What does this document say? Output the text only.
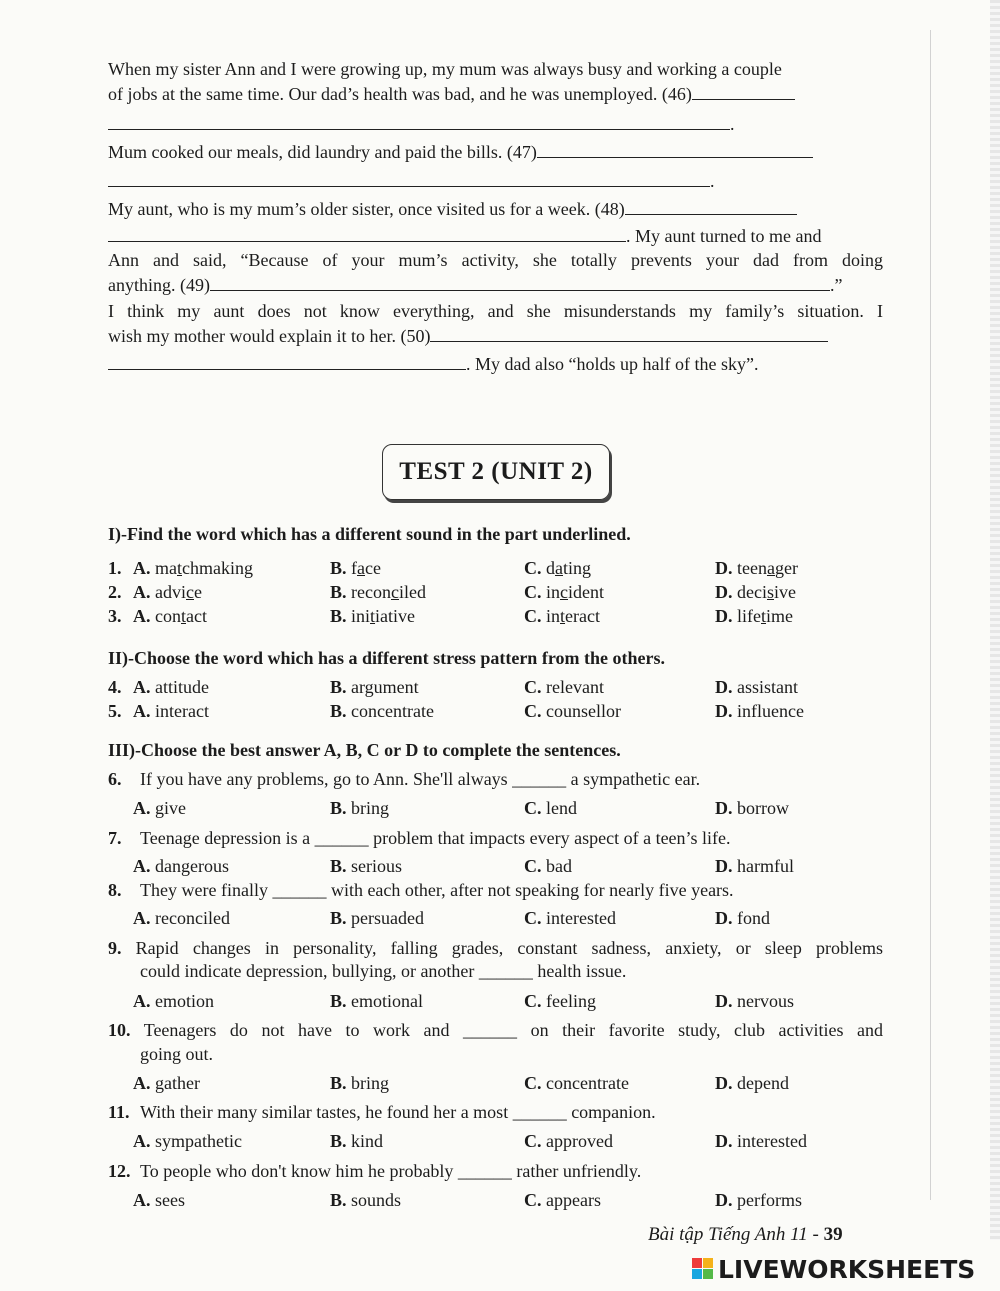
When my sister Ann and I were growing up, my mum was always busy and working a couple
of jobs at the same time. Our dad’s health was bad, and he was unemployed. (46)
.
Mum cooked our meals, did laundry and paid the bills. (47)
.
My aunt, who is my mum’s older sister, once visited us for a week. (48)
. My aunt turned to me and
Ann and said, “Because of your mum’s activity, she totally prevents your dad from doing
anything. (49)	.”
I think my aunt does not know everything, and she misunderstands my family’s situation. I
wish my mother would explain it to her. (50)
. My dad also “holds up half of the sky”.
TEST 2 (UNIT 2)
I)-Find the word which has a different sound in the part underlined.
1. A. matchmaking	B. face	C. dating	D. teenager
2. A. advice	B. reconciled	C. incident	D. decisive
3. A. contact	B. initiative	C. interact	D. lifetime
II)-Choose the word which has a different stress pattern from the others.
4. A. attitude	B. argument	C. relevant	D. assistant
5. A. interact	B. concentrate	C. counsellor	D. influence
III)-Choose the best answer A, B, C or D to complete the sentences.
6. If you have any problems, go to Ann. She'll always ______ a sympathetic ear.
A. give	B. bring	C. lend	D. borrow
7. Teenage depression is a ______ problem that impacts every aspect of a teen’s life.
A. dangerous	B. serious	C. bad	D. harmful
8. They were finally ______ with each other, after not speaking for nearly five years.
A. reconciled	B. persuaded	C. interested	D. fond
9. Rapid changes in personality, falling grades, constant sadness, anxiety, or sleep problems
could indicate depression, bullying, or another ______ health issue.
A. emotion	B. emotional	C. feeling	D. nervous
10. Teenagers do not have to work and ______ on their favorite study, club activities and
going out.
A. gather	B. bring	C. concentrate	D. depend
11. With their many similar tastes, he found her a most ______ companion.
A. sympathetic	B. kind	C. approved	D. interested
12. To people who don't know him he probably ______ rather unfriendly.
A. sees	B. sounds	C. appears	D. performs
Bài tập Tiếng Anh 11 - 39
LIVEWORKSHEETS
